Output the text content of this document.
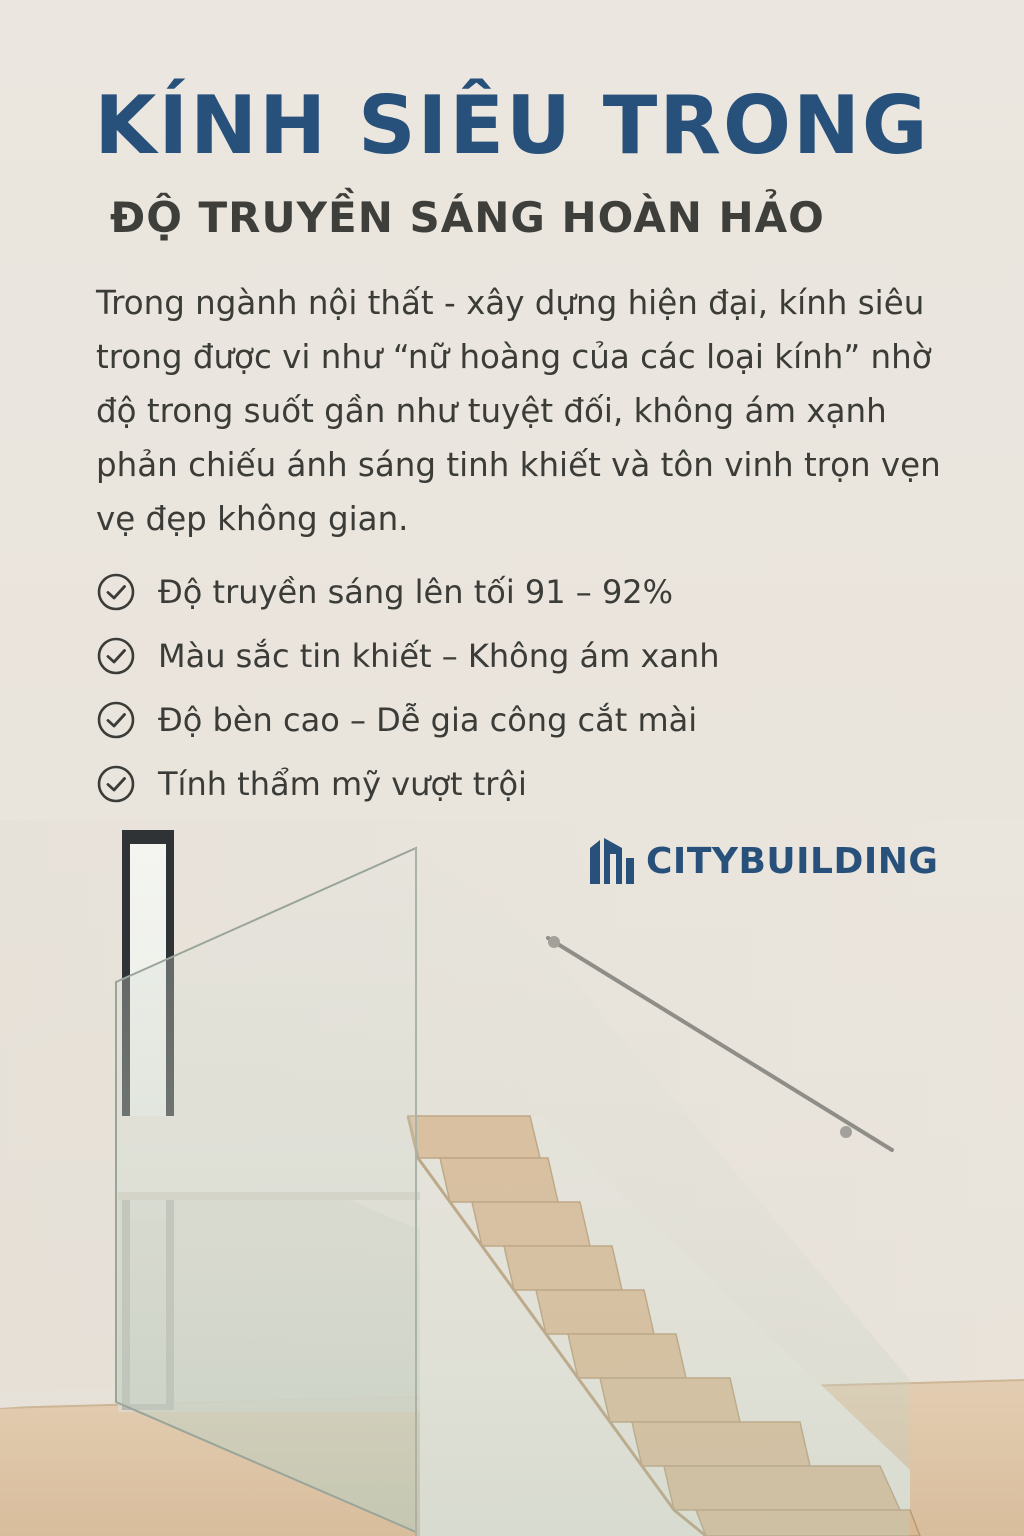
KÍNH SIÊU TRONG
ĐỘ TRUYỀN SÁNG HOÀN HẢO

Trong ngành nội thất - xây dựng hiện đại, kính siêu
trong được vi như “nữ hoàng của các loại kính” nhờ
độ trong suốt gần như tuyệt đối, không ám xạnh
phản chiếu ánh sáng tinh khiết và tôn vinh trọn vẹn
vẹ đẹp không gian.

Độ truyền sáng lên tối 91 – 92%
Màu sắc tin khiết – Không ám xanh
Độ bèn cao – Dễ gia công cắt mài
Tính thẩm mỹ vượt trội
CITYBUILDING
